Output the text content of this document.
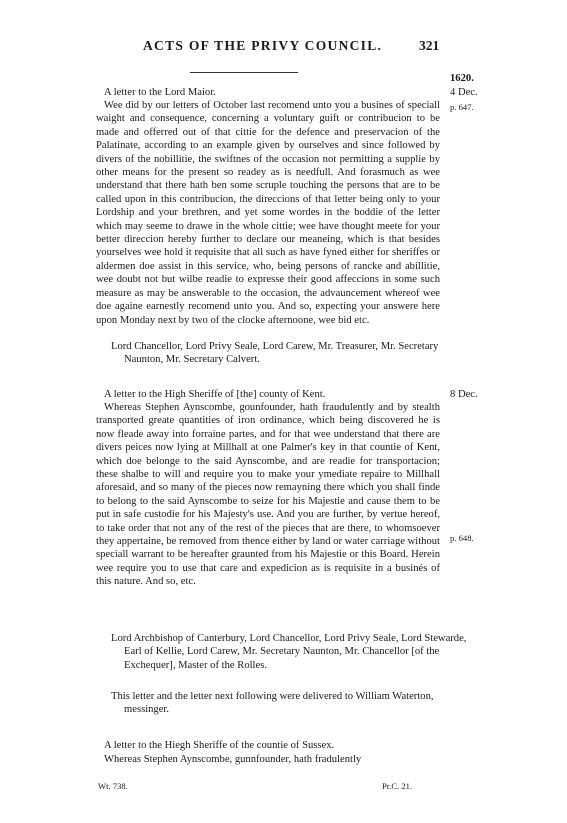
ACTS OF THE PRIVY COUNCIL.	321
1620.
4 Dec.
p. 647.
8 Dec.
p. 648.
A letter to the Lord Maior.
Wee did by our letters of October last recomend unto you a busines of speciall waight and consequence, concerning a voluntary guift or contribucion to be made and offerred out of that cittie for the defence and preservacion of the Palatinate, according to an example given by ourselves and since followed by divers of the nobillitie, the swiftnes of the occasion not permitting a supplie by other means for the present so readey as is needfull. And forasmuch as wee understand that there hath ben some scruple touching the persons that are to be called upon in this contribucion, the direccions of that letter being only to your Lordship and your brethren, and yet some wordes in the boddie of the letter which may seeme to drawe in the whole cittie; wee have thought meete for your better direccion hereby further to declare our meaneing, which is that besides yourselves wee hold it requisite that all such as have fyned either for sheriffes or aldermen doe assist in this service, who, being persons of rancke and abillitie, wee doubt not but wilbe readie to expresse their good affeccions in some such measure as may be answerable to the occasion, the advauncement whereof wee doe againe earnestly recomend unto you. And so, expecting your answere here upon Monday next by two of the clocke afternoone, wee bid etc.
Lord Chancellor, Lord Privy Seale, Lord Carew, Mr. Treasurer, Mr. Secretary Naunton, Mr. Secretary Calvert.
A letter to the High Sheriffe of [the] county of Kent.
Whereas Stephen Aynscombe, gounfounder, hath fraudulently and by stealth transported greate quantities of iron ordinance, which being discovered he is now fleade away into forraine partes, and for that wee understand that there are divers peices now lying at Millhall at one Palmer's key in that countie of Kent, which doe belonge to the said Aynscombe, and are readie for transportacion; these shalbe to will and require you to make your ymediate repaire to Millhall aforesaid, and so many of the pieces now remayning there which you shall finde to belong to the said Aynscombe to seize for his Majestie and cause them to be put in safe custodie for his Majesty's use. And you are further, by vertue hereof, to take order that not any of the rest of the pieces that are there, to whomsoever they appertaine, be removed from thence either by land or water carriage without speciall warrant to be hereafter graunted from his Majestie or this Board. Herein wee require you to use that care and expedicion as is requisite in a businés of this nature. And so, etc.
Lord Archbishop of Canterbury, Lord Chancellor, Lord Privy Seale, Lord Stewarde, Earl of Kellie, Lord Carew, Mr. Secretary Naunton, Mr. Chancellor [of the Exchequer], Master of the Rolles.
This letter and the letter next following were delivered to William Waterton, messinger.
A letter to the Hiegh Sheriffe of the countie of Sussex.
Whereas Stephen Aynscombe, gunnfounder, hath fradulently
Wt. 738.	Pr.C. 21.
